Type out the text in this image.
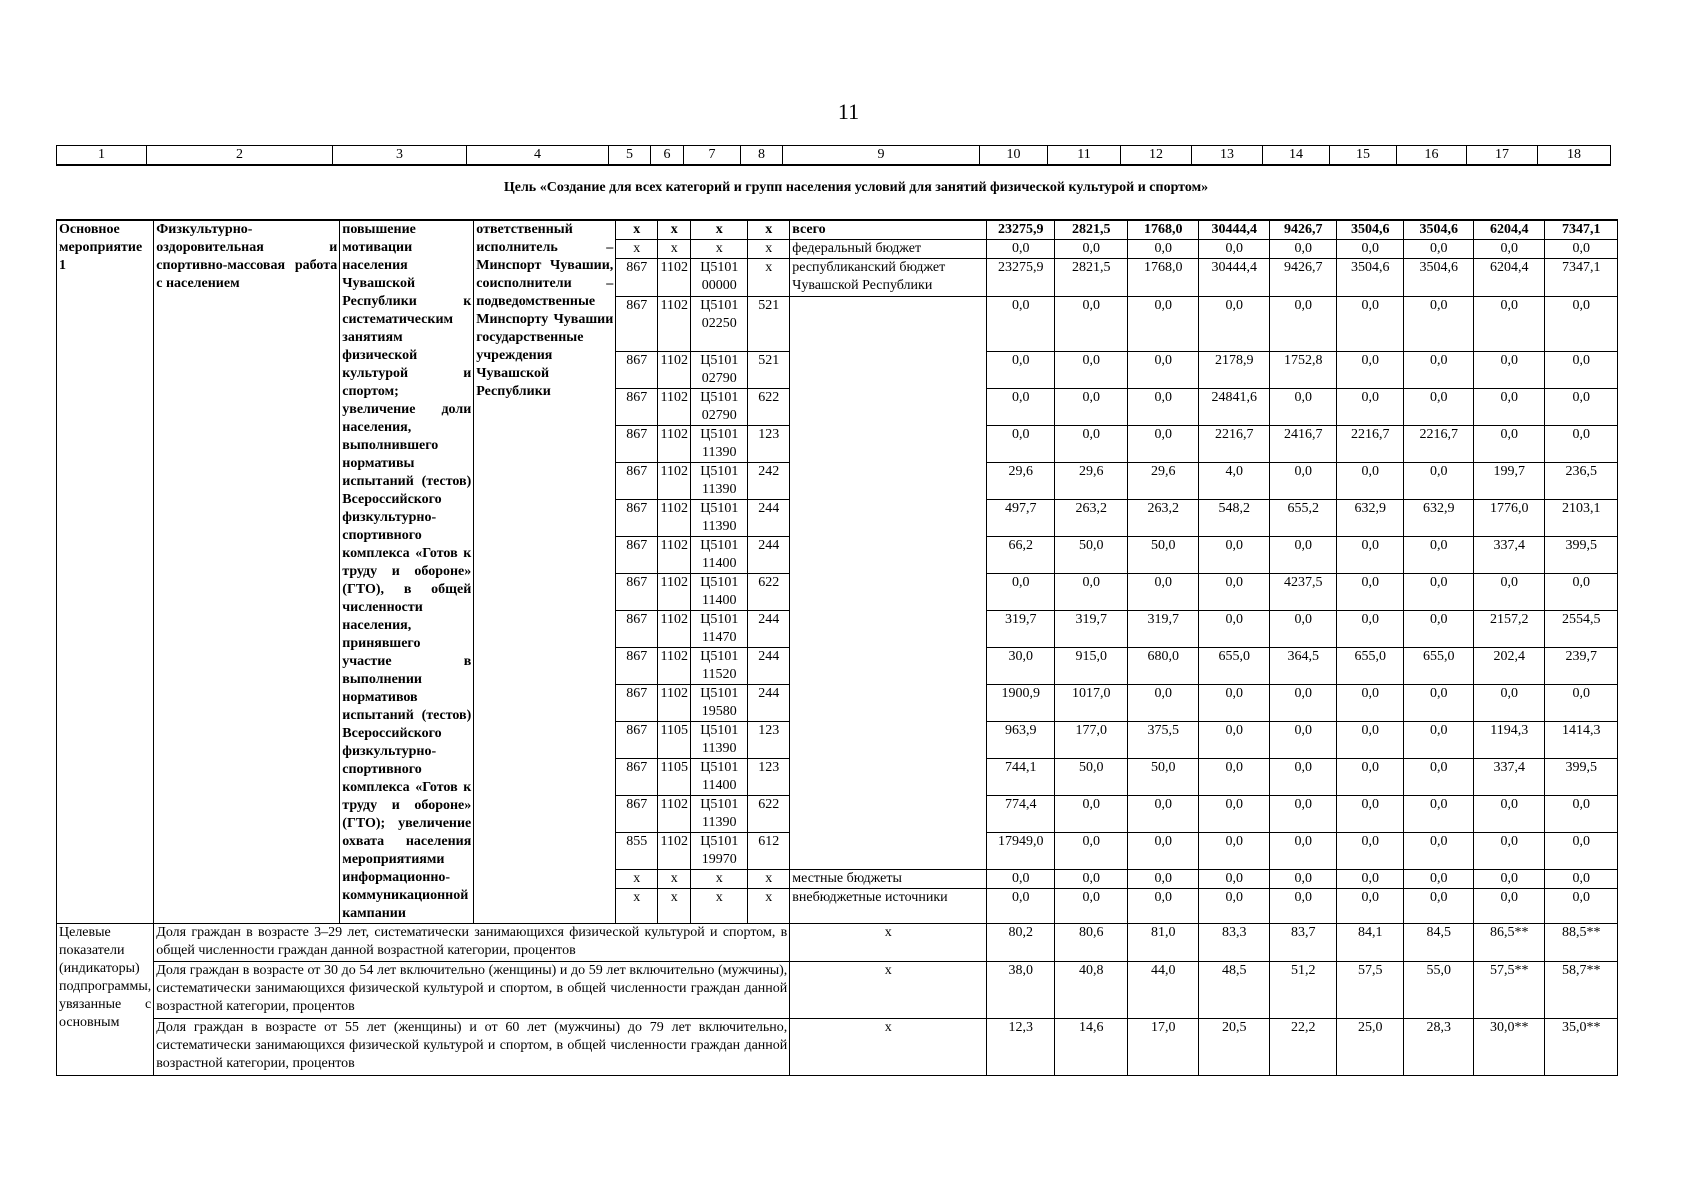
11
1	2	3	4	5	6	7	8	9	10	11	12	13	14	15	16	17	18
Цель «Создание для всех категорий и групп населения условий для занятий физической культурой и спортом»
Основное мероприятие 1	Физкультурно-оздоровительная и спортивно-массовая работа с населением	повышение мотивации населения Чувашской Республики к систематическим занятиям физической культурой и спортом; увеличение доли населения, выполнившего нормативы испытаний (тестов) Всероссийского физкультурно-спортивного комплекса «Готов к труду и обороне» (ГТО), в общей численности населения, принявшего участие в выполнении нормативов испытаний (тестов) Всероссийского физкультурно-спортивного комплекса «Готов к труду и обороне» (ГТО); увеличение охвата населения мероприятиями информационно-коммуникационной кампании	ответственный исполнитель – Минспорт Чувашии, соисполнители – подведомственные Минспорту Чувашии государственные учреждения Чувашской Республики	x	x	x	x	всего	23275,9	2821,5	1768,0	30444,4	9426,7	3504,6	3504,6	6204,4	7347,1
				x	x	x	x	федеральный бюджет	0,0	0,0	0,0	0,0	0,0	0,0	0,0	0,0	0,0
				867	1102	Ц5101 00000	x	республиканский бюджет Чувашской Республики	23275,9	2821,5	1768,0	30444,4	9426,7	3504,6	3504,6	6204,4	7347,1
				867	1102	Ц5101 02250	521		0,0	0,0	0,0	0,0	0,0	0,0	0,0	0,0	0,0
				867	1102	Ц5101 02790	521		0,0	0,0	0,0	2178,9	1752,8	0,0	0,0	0,0	0,0
				867	1102	Ц5101 02790	622		0,0	0,0	0,0	24841,6	0,0	0,0	0,0	0,0	0,0
				867	1102	Ц5101 11390	123		0,0	0,0	0,0	2216,7	2416,7	2216,7	2216,7	0,0	0,0
				867	1102	Ц5101 11390	242		29,6	29,6	29,6	4,0	0,0	0,0	0,0	199,7	236,5
				867	1102	Ц5101 11390	244		497,7	263,2	263,2	548,2	655,2	632,9	632,9	1776,0	2103,1
				867	1102	Ц5101 11400	244		66,2	50,0	50,0	0,0	0,0	0,0	0,0	337,4	399,5
				867	1102	Ц5101 11400	622		0,0	0,0	0,0	0,0	4237,5	0,0	0,0	0,0	0,0
				867	1102	Ц5101 11470	244		319,7	319,7	319,7	0,0	0,0	0,0	0,0	2157,2	2554,5
				867	1102	Ц5101 11520	244		30,0	915,0	680,0	655,0	364,5	655,0	655,0	202,4	239,7
				867	1102	Ц5101 19580	244		1900,9	1017,0	0,0	0,0	0,0	0,0	0,0	0,0	0,0
				867	1105	Ц5101 11390	123		963,9	177,0	375,5	0,0	0,0	0,0	0,0	1194,3	1414,3
				867	1105	Ц5101 11400	123		744,1	50,0	50,0	0,0	0,0	0,0	0,0	337,4	399,5
				867	1102	Ц5101 11390	622		774,4	0,0	0,0	0,0	0,0	0,0	0,0	0,0	0,0
				855	1102	Ц5101 19970	612		17949,0	0,0	0,0	0,0	0,0	0,0	0,0	0,0	0,0
				x	x	x	x	местные бюджеты	0,0	0,0	0,0	0,0	0,0	0,0	0,0	0,0	0,0
				x	x	x	x	внебюджетные источники	0,0	0,0	0,0	0,0	0,0	0,0	0,0	0,0	0,0
Целевые показатели (индикаторы) подпрограммы, увязанные с основным	Доля граждан в возрасте 3–29 лет, систематически занимающихся физической культурой и спортом, в общей численности граждан данной возрастной категории, процентов							x	80,2	80,6	81,0	83,3	83,7	84,1	84,5	86,5**	88,5**
	Доля граждан в возрасте от 30 до 54 лет включительно (женщины) и до 59 лет включительно (мужчины), систематически занимающихся физической культурой и спортом, в общей численности граждан данной возрастной категории, процентов							x	38,0	40,8	44,0	48,5	51,2	57,5	55,0	57,5**	58,7**
	Доля граждан в возрасте от 55 лет (женщины) и от 60 лет (мужчины) до 79 лет включительно, систематически занимающихся физической культурой и спортом, в общей численности граждан данной возрастной категории, процентов							x	12,3	14,6	17,0	20,5	22,2	25,0	28,3	30,0**	35,0**
